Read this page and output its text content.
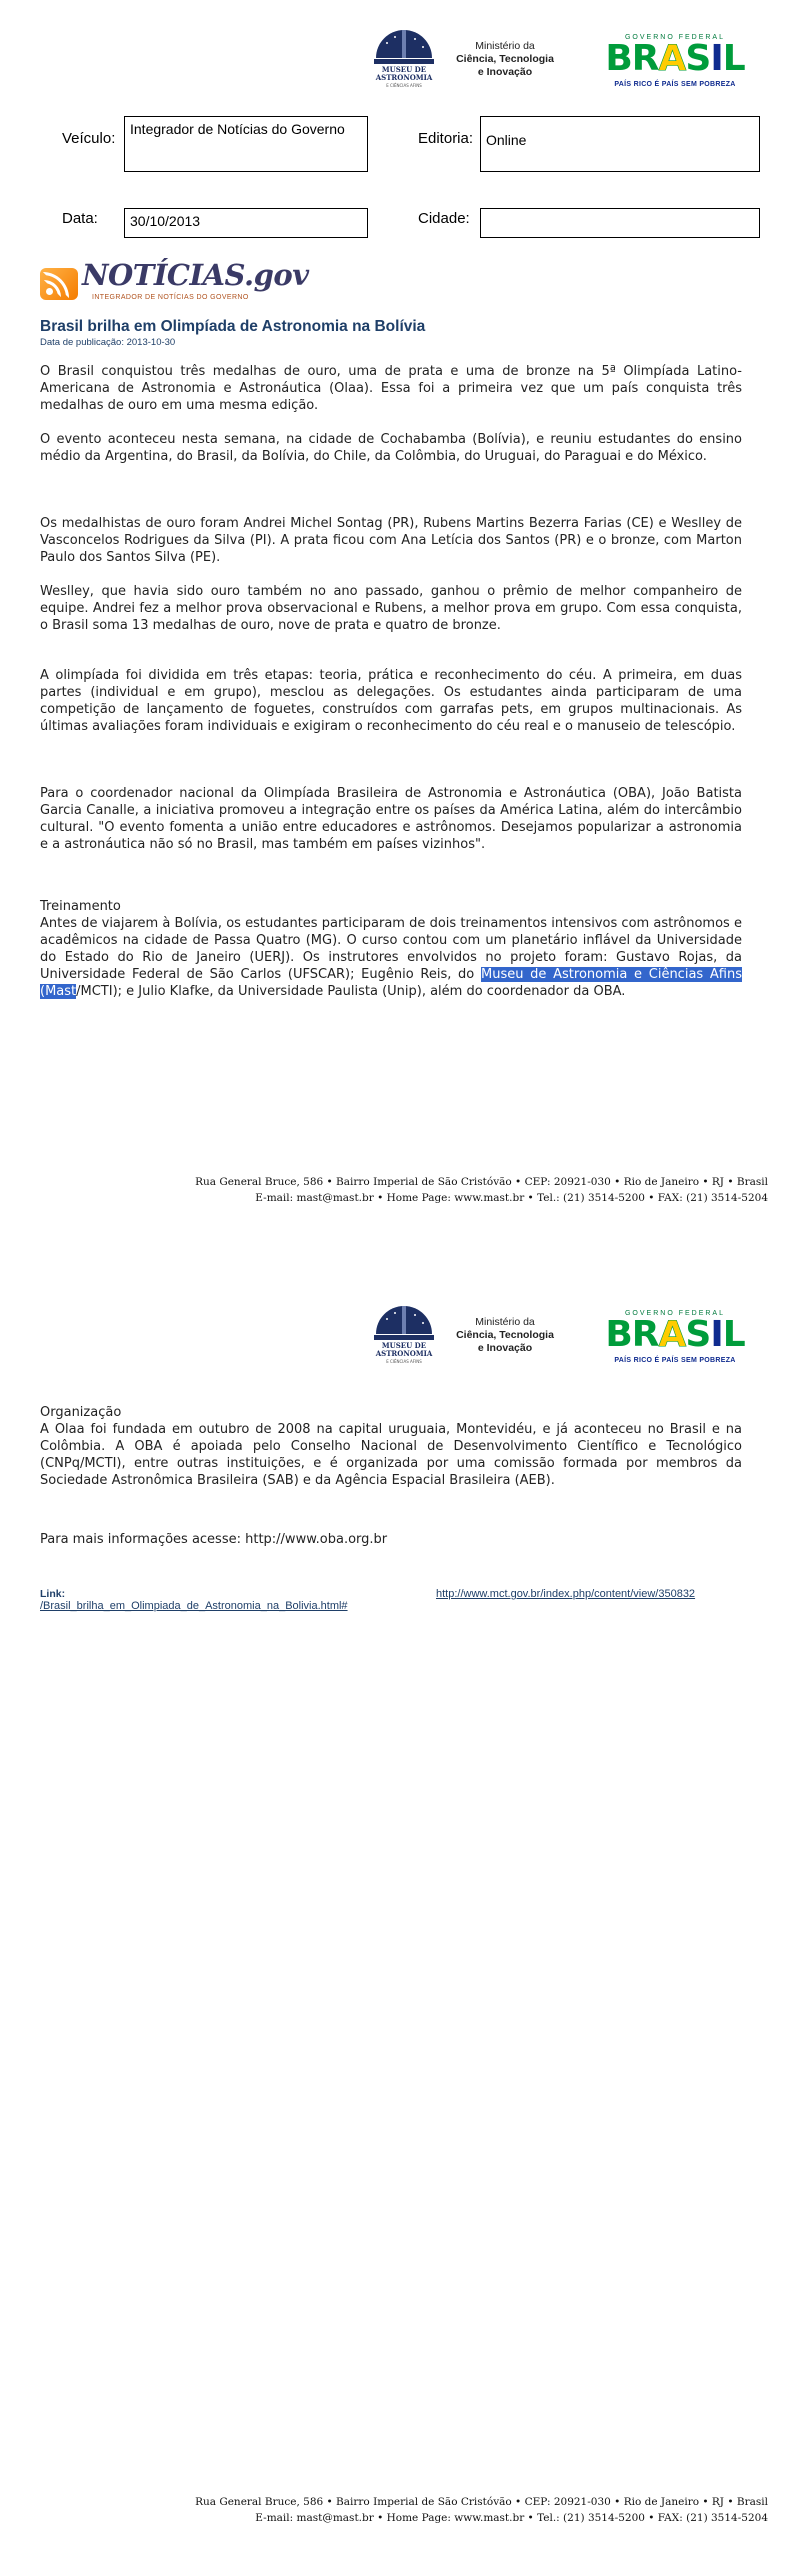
MUSEU DE ASTRONOMIA
E CIÊNCIAS AFINS
Ministério da
Ciência, Tecnologia
e Inovação
GOVERNO FEDERAL
BRASIL
PAÍS RICO É PAÍS SEM POBREZA
Veículo:
Integrador de Notícias do Governo
Editoria: Online
Data:	30/10/2013	Cidade:
NOTÍCIAS.gov
INTEGRADOR DE NOTÍCIAS DO GOVERNO
Brasil brilha em Olimpíada de Astronomia na Bolívia
Data de publicação: 2013-10-30

O Brasil conquistou três medalhas de ouro, uma de prata e uma de bronze na 5ª Olimpíada Latino-Americana de Astronomia e Astronáutica (Olaa). Essa foi a primeira vez que um país conquista três medalhas de ouro em uma mesma edição.

O evento aconteceu nesta semana, na cidade de Cochabamba (Bolívia), e reuniu estudantes do ensino médio da Argentina, do Brasil, da Bolívia, do Chile, da Colômbia, do Uruguai, do Paraguai e do México.

Os medalhistas de ouro foram Andrei Michel Sontag (PR), Rubens Martins Bezerra Farias (CE) e Weslley de Vasconcelos Rodrigues da Silva (PI). A prata ficou com Ana Letícia dos Santos (PR) e o bronze, com Marton Paulo dos Santos Silva (PE).

Weslley, que havia sido ouro também no ano passado, ganhou o prêmio de melhor companheiro de equipe. Andrei fez a melhor prova observacional e Rubens, a melhor prova em grupo. Com essa conquista, o Brasil soma 13 medalhas de ouro, nove de prata e quatro de bronze.

A olimpíada foi dividida em três etapas: teoria, prática e reconhecimento do céu. A primeira, em duas partes (individual e em grupo), mesclou as delegações. Os estudantes ainda participaram de uma competição de lançamento de foguetes, construídos com garrafas pets, em grupos multinacionais. As últimas avaliações foram individuais e exigiram o reconhecimento do céu real e o manuseio de telescópio.

Para o coordenador nacional da Olimpíada Brasileira de Astronomia e Astronáutica (OBA), João Batista Garcia Canalle, a iniciativa promoveu a integração entre os países da América Latina, além do intercâmbio cultural. "O evento fomenta a união entre educadores e astrônomos. Desejamos popularizar a astronomia e a astronáutica não só no Brasil, mas também em países vizinhos".

Treinamento

Antes de viajarem à Bolívia, os estudantes participaram de dois treinamentos intensivos com astrônomos e acadêmicos na cidade de Passa Quatro (MG). O curso contou com um planetário inflável da Universidade do Estado do Rio de Janeiro (UERJ). Os instrutores envolvidos no projeto foram: Gustavo Rojas, da Universidade Federal de São Carlos (UFSCAR); Eugênio Reis, do Museu de Astronomia e Ciências Afins (Mast/MCTI); e Julio Klafke, da Universidade Paulista (Unip), além do coordenador da OBA.

Rua General Bruce, 586 • Bairro Imperial de São Cristóvão • CEP: 20921-030 • Rio de Janeiro • RJ • Brasil
E-mail: mast@mast.br • Home Page: www.mast.br • Tel.: (21) 3514-5200 • FAX: (21) 3514-5204
MUSEU DE ASTRONOMIA
E CIÊNCIAS AFINS
Ministério da
Ciência, Tecnologia
e Inovação
GOVERNO FEDERAL
BRASIL
PAÍS RICO É PAÍS SEM POBREZA
Organização

A Olaa foi fundada em outubro de 2008 na capital uruguaia, Montevidéu, e já aconteceu no Brasil e na Colômbia. A OBA é apoiada pelo Conselho Nacional de Desenvolvimento Científico e Tecnológico (CNPq/MCTI), entre outras instituições, e é organizada por uma comissão formada por membros da Sociedade Astronômica Brasileira (SAB) e da Agência Espacial Brasileira (AEB).

Para mais informações acesse: http://www.oba.org.br

Link:
/Brasil_brilha_em_Olimpiada_de_Astronomia_na_Bolivia.html#
http://www.mct.gov.br/index.php/content/view/350832
Rua General Bruce, 586 • Bairro Imperial de São Cristóvão • CEP: 20921-030 • Rio de Janeiro • RJ • Brasil
E-mail: mast@mast.br • Home Page: www.mast.br • Tel.: (21) 3514-5200 • FAX: (21) 3514-5204
